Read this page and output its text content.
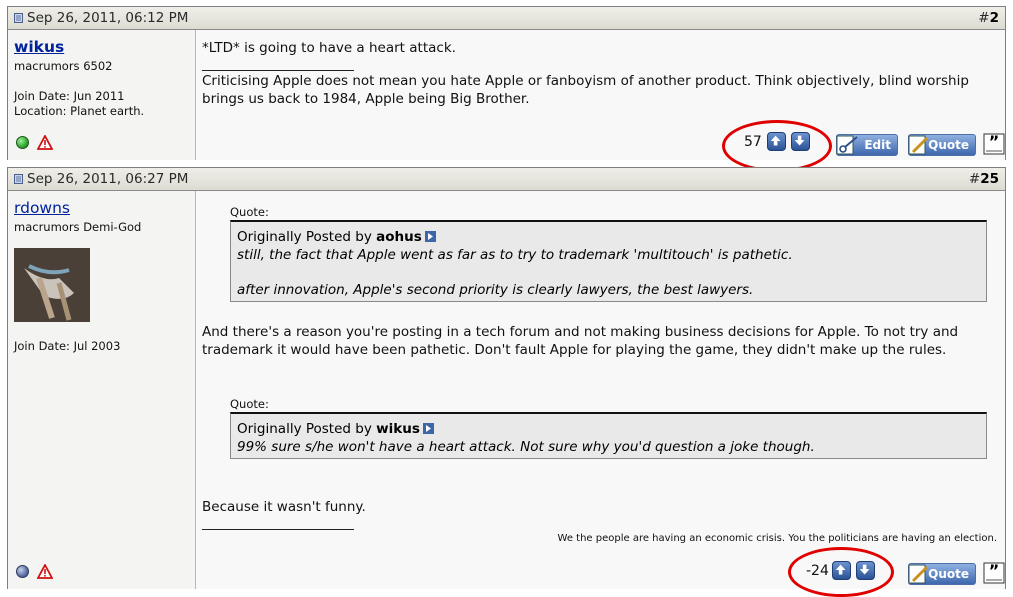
Sep 26, 2011, 06:12 PM	#2
wikus
macrumors 6502
Join Date: Jun 2011
Location: Planet earth.
*LTD* is going to have a heart attack.
Criticising Apple does not mean you hate Apple or fanboyism of another product. Think objectively, blind worship brings us back to 1984, Apple being Big Brother.
57	Edit	Quote ”
Sep 26, 2011, 06:27 PM	#25
rdowns
macrumors Demi-God
Join Date: Jul 2003
Quote:
Originally Posted by aohus
still, the fact that Apple went as far as to try to trademark 'multitouch' is pathetic.
after innovation, Apple's second priority is clearly lawyers, the best lawyers.
And there's a reason you're posting in a tech forum and not making business decisions for Apple. To not try and trademark it would have been pathetic. Don't fault Apple for playing the game, they didn't make up the rules.
Quote:
Originally Posted by wikus
99% sure s/he won't have a heart attack. Not sure why you'd question a joke though.
Because it wasn't funny.
We the people are having an economic crisis. You the politicians are having an election.
-24	Quote ”
